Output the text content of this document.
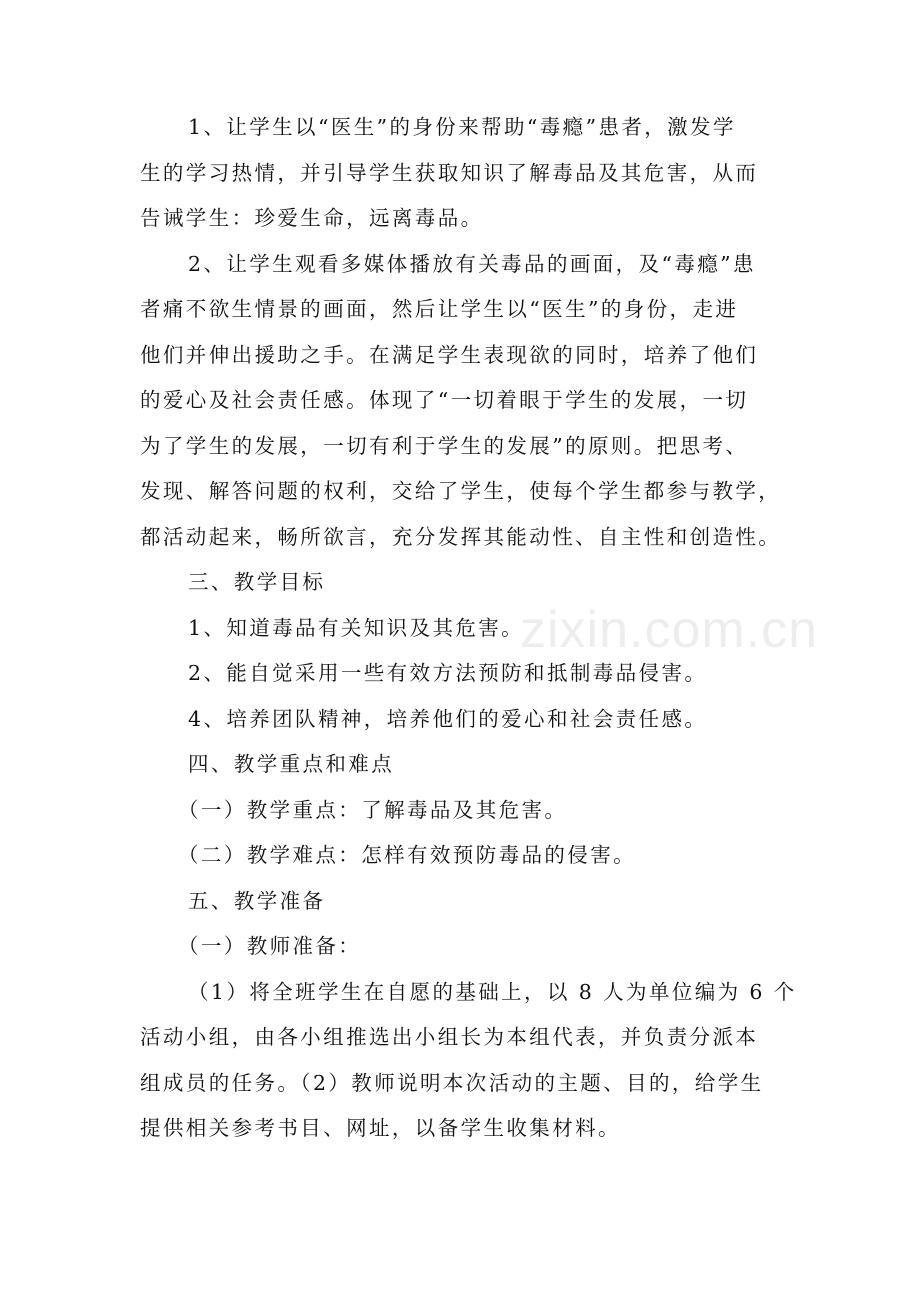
zixin.com.cn
1、让学生以“医生”的身份来帮助“毒瘾”患者，激发学
生的学习热情，并引导学生获取知识了解毒品及其危害，从而
告诫学生：珍爱生命，远离毒品。
2、让学生观看多媒体播放有关毒品的画面，及“毒瘾”患
者痛不欲生情景的画面，然后让学生以“医生”的身份，走进
他们并伸出援助之手。在满足学生表现欲的同时，培养了他们
的爱心及社会责任感。体现了“一切着眼于学生的发展，一切
为了学生的发展，一切有利于学生的发展”的原则。把思考、
发现、解答问题的权利，交给了学生，使每个学生都参与教学，
都活动起来，畅所欲言，充分发挥其能动性、自主性和创造性。
三、教学目标
1、知道毒品有关知识及其危害。
2、能自觉采用一些有效方法预防和抵制毒品侵害。
4、培养团队精神，培养他们的爱心和社会责任感。
四、教学重点和难点
（一）教学重点：了解毒品及其危害。
（二）教学难点：怎样有效预防毒品的侵害。
五、教学准备
（一）教师准备：
（1）将全班学生在自愿的基础上，以 8 人为单位编为 6 个
活动小组，由各小组推选出小组长为本组代表，并负责分派本
组成员的任务。（2）教师说明本次活动的主题、目的，给学生
提供相关参考书目、网址，以备学生收集材料。
